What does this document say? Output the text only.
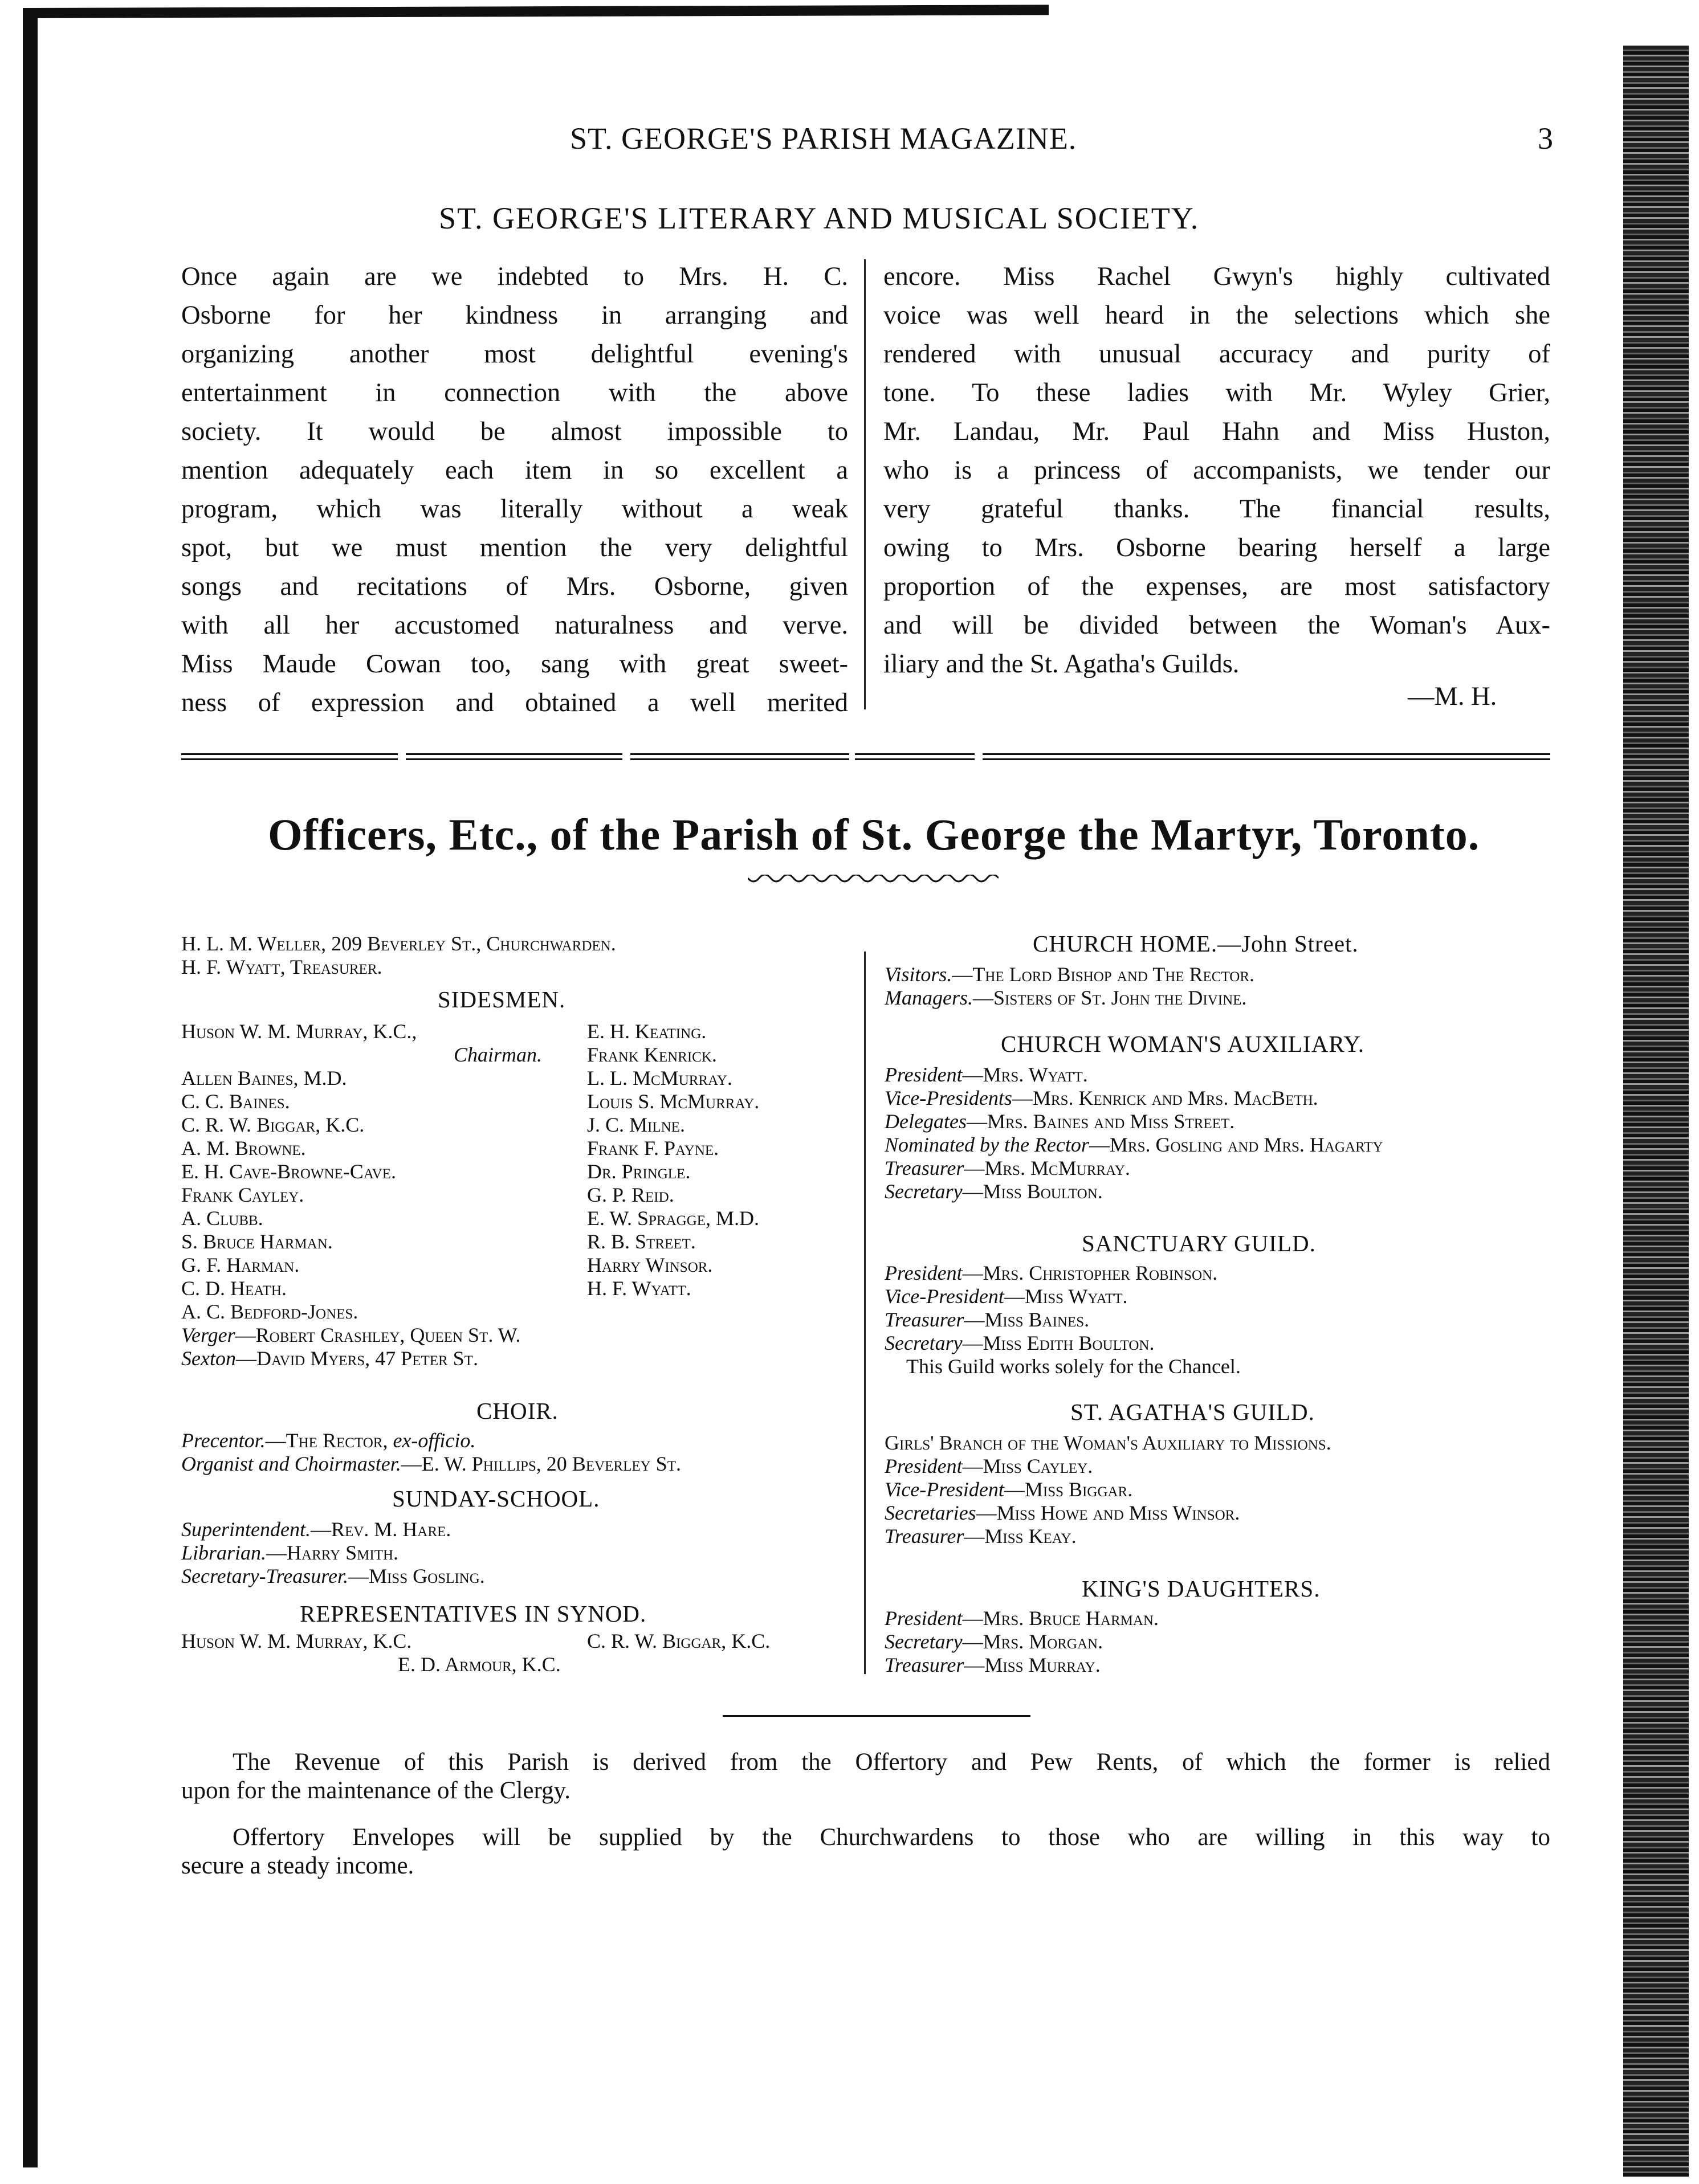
ST. GEORGE'S PARISH MAGAZINE.	3
ST. GEORGE'S LITERARY AND MUSICAL SOCIETY.
Once again are we indebted to Mrs. H. C.
Osborne for her kindness in arranging and
organizing another most delightful evening's
entertainment in connection with the above
society. It would be almost impossible to
mention adequately each item in so excellent a
program, which was literally without a weak
spot, but we must mention the very delightful
songs and recitations of Mrs. Osborne, given
with all her accustomed naturalness and verve.
Miss Maude Cowan too, sang with great sweet-
ness of expression and obtained a well merited
encore. Miss Rachel Gwyn's highly cultivated
voice was well heard in the selections which she
rendered with unusual accuracy and purity of
tone. To these ladies with Mr. Wyley Grier,
Mr. Landau, Mr. Paul Hahn and Miss Huston,
who is a princess of accompanists, we tender our
very grateful thanks. The financial results,
owing to Mrs. Osborne bearing herself a large
proportion of the expenses, are most satisfactory
and will be divided between the Woman's Aux-
iliary and the St. Agatha's Guilds.
—M. H.
Officers, Etc., of the Parish of St. George the Martyr, Toronto.
H. L. M. Weller, 209 Beverley St., Churchwarden.
H. F. Wyatt, Treasurer.
SIDESMEN.
Huson W. M. Murray, K.C.,
Chairman.
Allen Baines, M.D.
C. C. Baines.
C. R. W. Biggar, K.C.
A. M. Browne.
E. H. Cave-Browne-Cave.
Frank Cayley.
A. Clubb.
S. Bruce Harman.
G. F. Harman.
C. D. Heath.
A. C. Bedford-Jones.
Verger—Robert Crashley, Queen St. W.
Sexton—David Myers, 47 Peter St.
E. H. Keating.
Frank Kenrick.
L. L. McMurray.
Louis S. McMurray.
J. C. Milne.
Frank F. Payne.
Dr. Pringle.
G. P. Reid.
E. W. Spragge, M.D.
R. B. Street.
Harry Winsor.
H. F. Wyatt.
CHOIR.
Precentor.—The Rector, ex-officio.
Organist and Choirmaster.—E. W. Phillips, 20 Beverley St.
SUNDAY-SCHOOL.
Superintendent.—Rev. M. Hare.
Librarian.—Harry Smith.
Secretary-Treasurer.—Miss Gosling.
REPRESENTATIVES IN SYNOD.
Huson W. M. Murray, K.C.
E. D. Armour, K.C.
C. R. W. Biggar, K.C.
CHURCH HOME.—John Street.
Visitors.—The Lord Bishop and The Rector.
Managers.—Sisters of St. John the Divine.
CHURCH WOMAN'S AUXILIARY.
President—Mrs. Wyatt.
Vice-Presidents—Mrs. Kenrick and Mrs. MacBeth.
Delegates—Mrs. Baines and Miss Street.
Nominated by the Rector—Mrs. Gosling and Mrs. Hagarty
Treasurer—Mrs. McMurray.
Secretary—Miss Boulton.
SANCTUARY GUILD.
President—Mrs. Christopher Robinson.
Vice-President—Miss Wyatt.
Treasurer—Miss Baines.
Secretary—Miss Edith Boulton.
This Guild works solely for the Chancel.
ST. AGATHA'S GUILD.
Girls' Branch of the Woman's Auxiliary to Missions.
President—Miss Cayley.
Vice-President—Miss Biggar.
Secretaries—Miss Howe and Miss Winsor.
Treasurer—Miss Keay.
KING'S DAUGHTERS.
President—Mrs. Bruce Harman.
Secretary—Mrs. Morgan.
Treasurer—Miss Murray.
The Revenue of this Parish is derived from the Offertory and Pew Rents, of which the former is relied
upon for the maintenance of the Clergy.
Offertory Envelopes will be supplied by the Churchwardens to those who are willing in this way to
secure a steady income.
